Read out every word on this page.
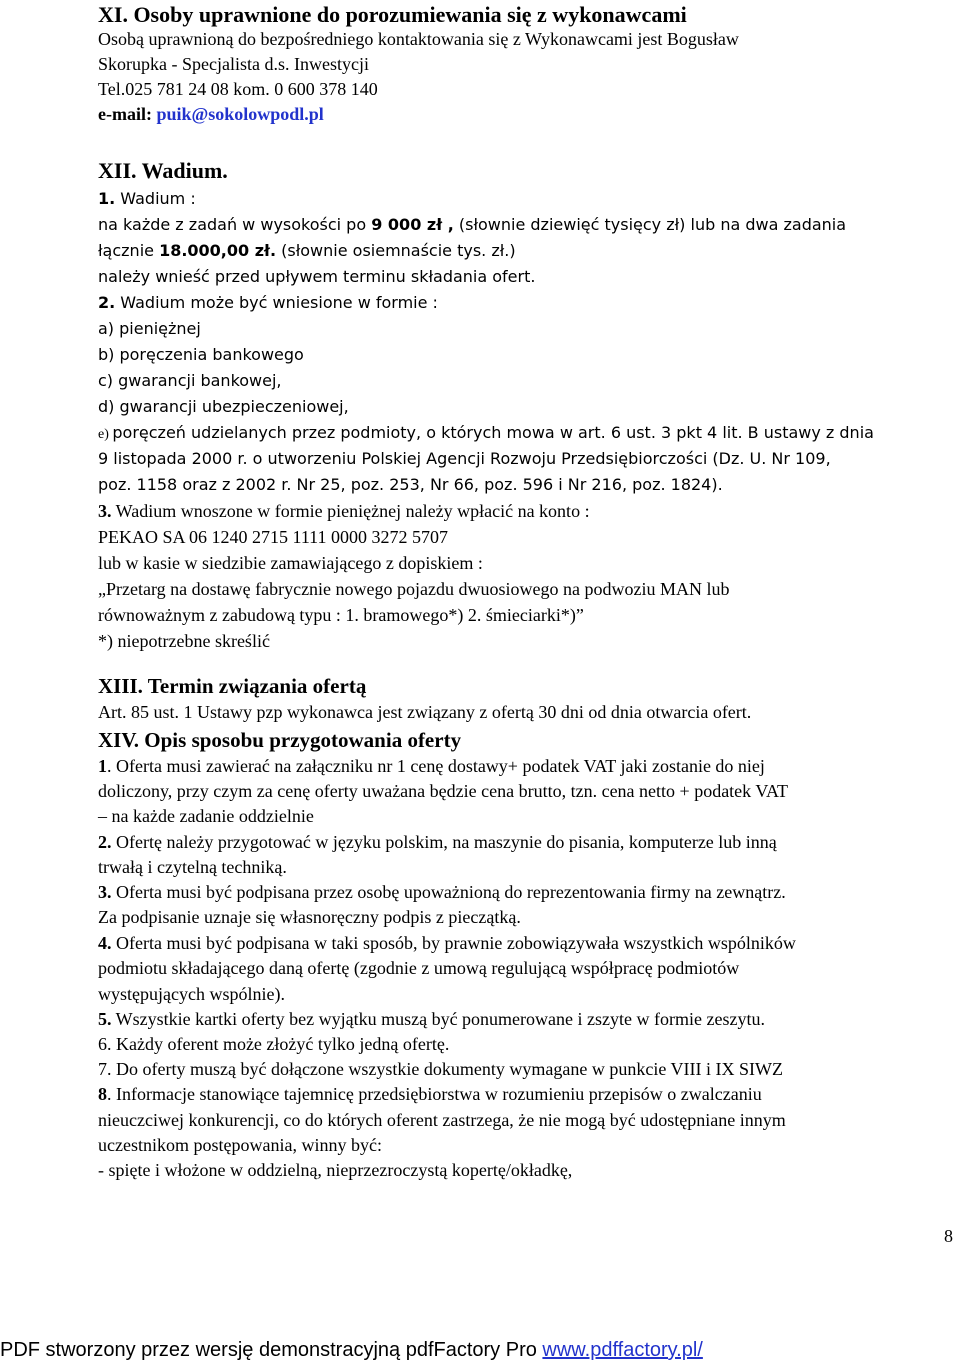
XI. Osoby uprawnione do porozumiewania się z wykonawcami
Osobą uprawnioną do bezpośredniego kontaktowania się z Wykonawcami jest Bogusław
Skorupka - Specjalista d.s. Inwestycji
Tel.025 781 24 08 kom. 0 600 378 140
e-mail: puik@sokolowpodl.pl
XII. Wadium.
1. Wadium :
na każde z zadań w wysokości po 9 000 zł , (słownie dziewięć tysięcy zł) lub na dwa zadania
łącznie 18.000,00 zł. (słownie osiemnaście tys. zł.)
należy wnieść przed upływem terminu składania ofert.
2. Wadium może być wniesione w formie :
a) pieniężnej
b) poręczenia bankowego
c) gwarancji bankowej,
d) gwarancji ubezpieczeniowej,
e) poręczeń udzielanych przez podmioty, o których mowa w art. 6 ust. 3 pkt 4 lit. B ustawy z dnia
9 listopada 2000 r. o utworzeniu Polskiej Agencji Rozwoju Przedsiębiorczości (Dz. U. Nr 109,
poz. 1158 oraz z 2002 r. Nr 25, poz. 253, Nr 66, poz. 596 i Nr 216, poz. 1824).
3. Wadium wnoszone w formie pieniężnej należy wpłacić na konto :
PEKAO SA 06 1240 2715 1111 0000 3272 5707
lub w kasie w siedzibie zamawiającego z dopiskiem :
„Przetarg na dostawę fabrycznie nowego pojazdu dwuosiowego na podwoziu MAN lub
równoważnym z zabudową typu : 1. bramowego*) 2. śmieciarki*)”
*) niepotrzebne skreślić
XIII. Termin związania ofertą
Art. 85 ust. 1 Ustawy pzp wykonawca jest związany z ofertą 30 dni od dnia otwarcia ofert.
XIV. Opis sposobu przygotowania oferty
1. Oferta musi zawierać na załączniku nr 1 cenę dostawy+ podatek VAT jaki zostanie do niej
doliczony, przy czym za cenę oferty uważana będzie cena brutto, tzn. cena netto + podatek VAT
– na każde zadanie oddzielnie
2. Ofertę należy przygotować w języku polskim, na maszynie do pisania, komputerze lub inną
trwałą i czytelną techniką.
3. Oferta musi być podpisana przez osobę upoważnioną do reprezentowania firmy na zewnątrz.
Za podpisanie uznaje się własnoręczny podpis z pieczątką.
4. Oferta musi być podpisana w taki sposób, by prawnie zobowiązywała wszystkich wspólników
podmiotu składającego daną ofertę (zgodnie z umową regulującą współpracę podmiotów
występujących wspólnie).
5. Wszystkie kartki oferty bez wyjątku muszą być ponumerowane i zszyte w formie zeszytu.
6. Każdy oferent może złożyć tylko jedną ofertę.
7. Do oferty muszą być dołączone wszystkie dokumenty wymagane w punkcie VIII i IX SIWZ
8. Informacje stanowiące tajemnicę przedsiębiorstwa w rozumieniu przepisów o zwalczaniu
nieuczciwej konkurencji, co do których oferent zastrzega, że nie mogą być udostępniane innym
uczestnikom postępowania, winny być:
- spięte i włożone w oddzielną, nieprzezroczystą kopertę/okładkę,
8
PDF stworzony przez wersję demonstracyjną pdfFactory Pro www.pdffactory.pl/
